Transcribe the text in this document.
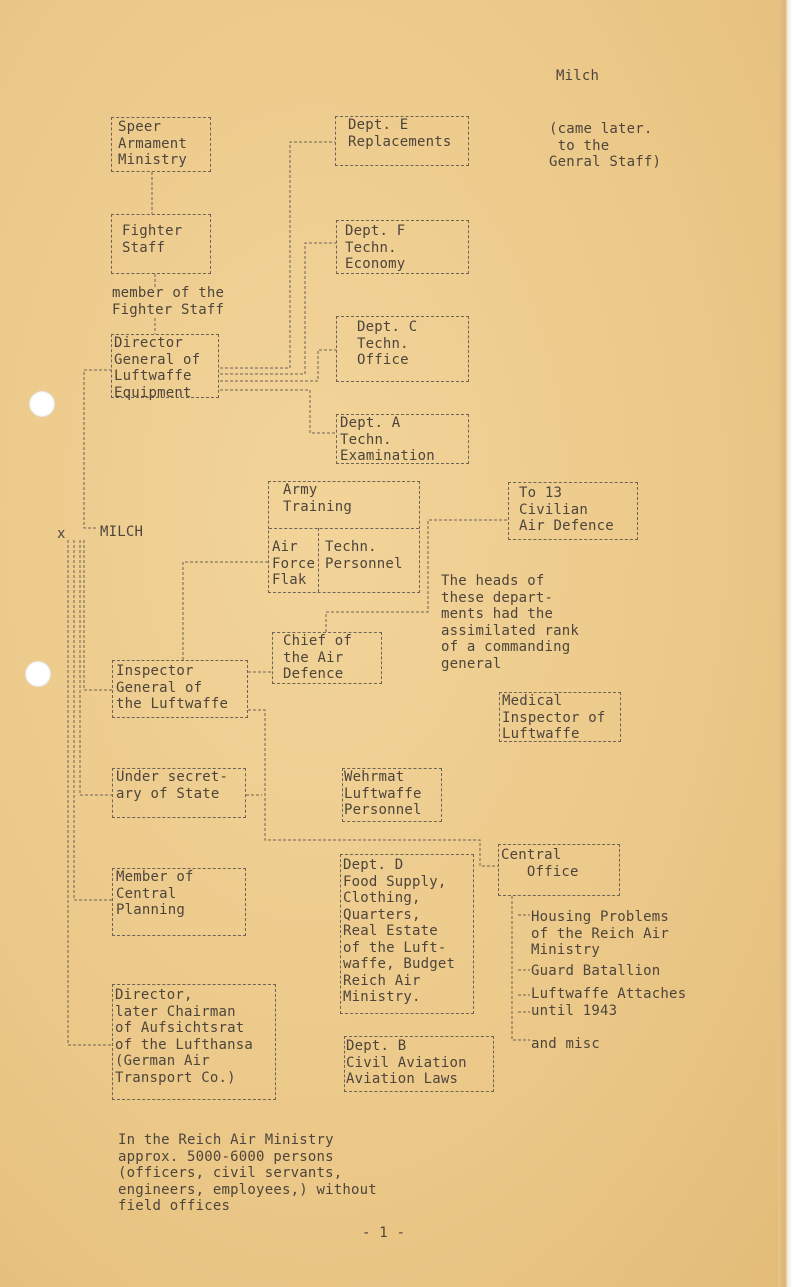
Milch
(came later.
to the
Genral Staff)
Speer
Armament
Ministry
Fighter
Staff
member of the
Fighter Staff
Director
General of
Luftwaffe
Equipment
Dept. E
Replacements
Dept. F
Techn.
Economy
Dept. C
Techn.
Office
Dept. A
Techn.
Examination
Army
Training
Air
Force
Flak
Techn.
Personnel
To 13
Civilian
Air Defence
The heads of
these depart-
ments had the
assimilated rank
of a commanding
general
MILCH
x
Chief of
the Air
Defence
Inspector
General of
the Luftwaffe	Medical
Inspector of
Luftwaffe
Under secret-
ary of State
Wehrmat
Luftwaffe
Personnel
Central
Office
Member of
Central
Planning
Dept. D
Food Supply,
Clothing,
Quarters,
Real Estate
of the Luft-
waffe, Budget
Reich Air
Ministry.
Housing Problems
of the Reich Air
Ministry
Guard Batallion
Luftwaffe Attaches
until 1943
and misc
Director,
later Chairman
of Aufsichtsrat
of the Lufthansa
(German Air
Transport Co.)
Dept. B
Civil Aviation
Aviation Laws
In the Reich Air Ministry
approx. 5000-6000 persons
(officers, civil servants,
engineers, employees,) without
field offices
- 1 -
